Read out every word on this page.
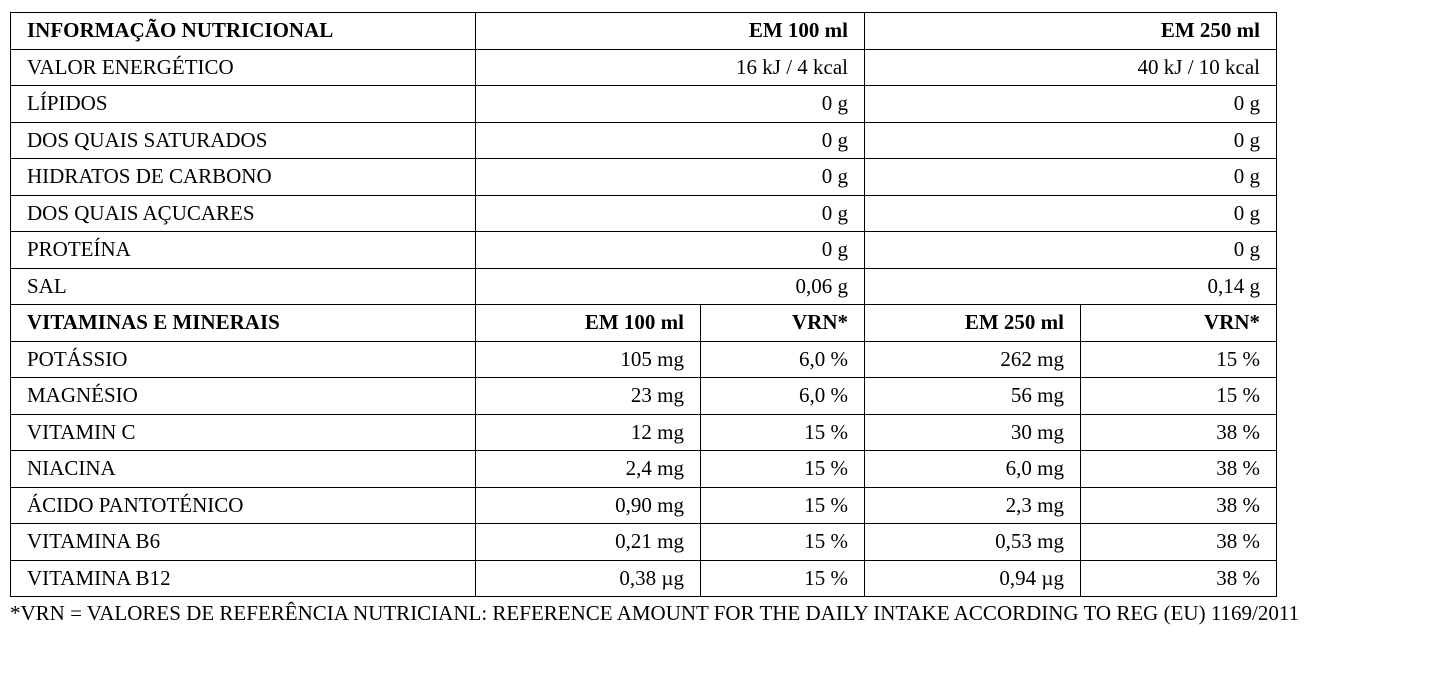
INFORMAÇÃO NUTRICIONAL	EM 100 ml		EM 250 ml	
VALOR ENERGÉTICO	16 kJ / 4 kcal		40 kJ / 10 kcal	
LÍPIDOS	0 g		0 g	
DOS QUAIS SATURADOS	0 g		0 g	
HIDRATOS DE CARBONO	0 g		0 g	
DOS QUAIS AÇUCARES	0 g		0 g	
PROTEÍNA	0 g		0 g	
SAL	0,06 g		0,14 g	
VITAMINAS E MINERAIS	EM 100 ml	VRN*	EM 250 ml	VRN*
POTÁSSIO	105 mg	6,0 %	262 mg	15 %
MAGNÉSIO	23 mg	6,0 %	56 mg	15 %
VITAMIN C	12 mg	15 %	30 mg	38 %
NIACINA	2,4 mg	15 %	6,0 mg	38 %
ÁCIDO PANTOTÉNICO	0,90 mg	15 %	2,3 mg	38 %
VITAMINA B6	0,21 mg	15 %	0,53 mg	38 %
VITAMINA B12	0,38 µg	15 %	0,94 µg	38 %
*VRN = VALORES DE REFERÊNCIA NUTRICIANL: REFERENCE AMOUNT FOR THE DAILY INTAKE ACCORDING TO REG (EU) 1169/2011
